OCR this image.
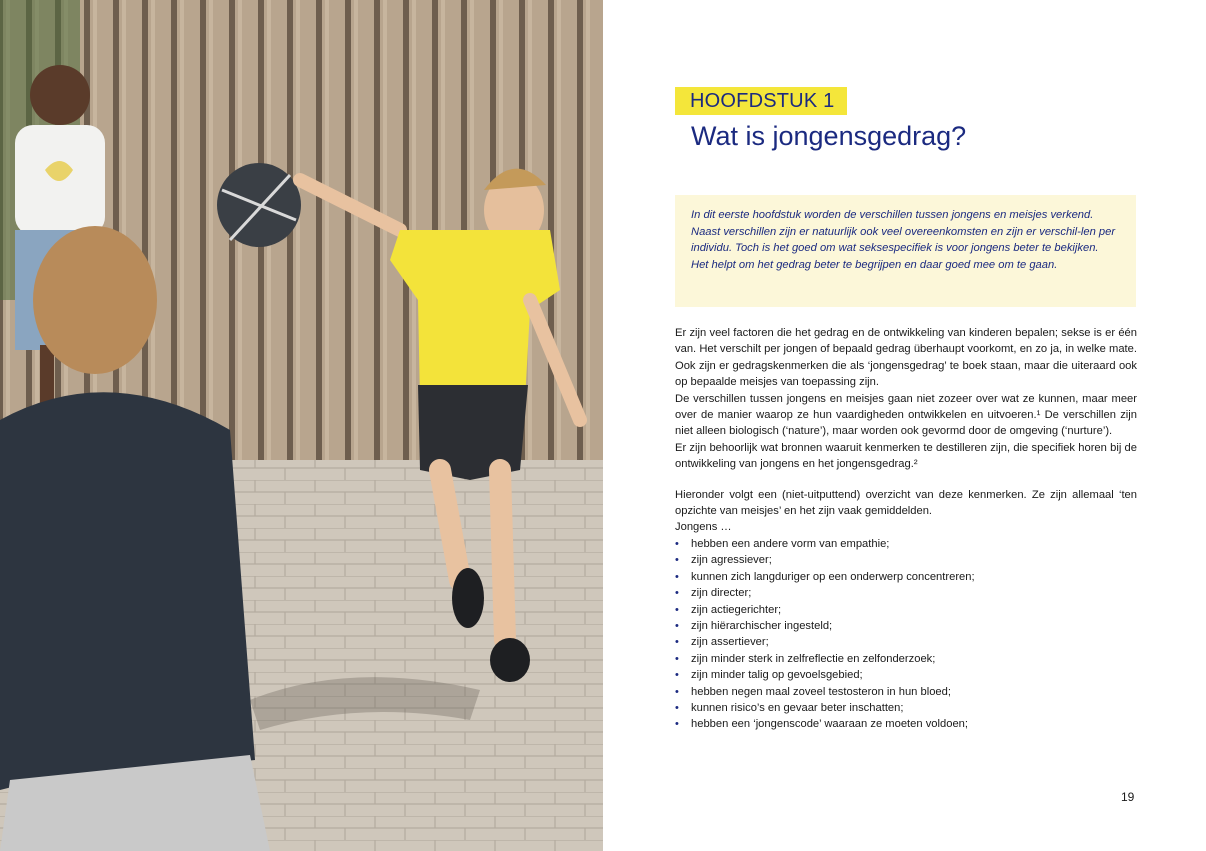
HOOFDSTUK 1
Wat is jongensgedrag?

In dit eerste hoofdstuk worden de verschillen tussen jongens en meisjes verkend. Naast verschillen zijn er natuurlijk ook veel overeenkomsten en zijn er verschil-len per individu. Toch is het goed om wat seksespecifiek is voor jongens beter te bekijken. Het helpt om het gedrag beter te begrijpen en daar goed mee om te gaan.

Er zijn veel factoren die het gedrag en de ontwikkeling van kinderen bepalen; sekse is er één van. Het verschilt per jongen of bepaald gedrag überhaupt voorkomt, en zo ja, in welke mate. Ook zijn er gedragskenmerken die als ‘jongensgedrag’ te boek staan, maar die uiteraard ook op bepaalde meisjes van toepassing zijn.

De verschillen tussen jongens en meisjes gaan niet zozeer over wat ze kunnen, maar meer over de manier waarop ze hun vaardigheden ontwikkelen en uitvoeren.¹ De verschillen zijn niet alleen biologisch (‘nature’), maar worden ook gevormd door de omgeving (‘nurture’).

Er zijn behoorlijk wat bronnen waaruit kenmerken te destilleren zijn, die specifiek horen bij de ontwikkeling van jongens en het jongensgedrag.²

Hieronder volgt een (niet-uitputtend) overzicht van deze kenmerken. Ze zijn allemaal ‘ten opzichte van meisjes’ en het zijn vaak gemiddelden.

Jongens …

• hebben een andere vorm van empathie;
• zijn agressiever;
• kunnen zich langduriger op een onderwerp concentreren;
• zijn directer;
• zijn actiegerichter;
• zijn hiërarchischer ingesteld;
• zijn assertiever;
• zijn minder sterk in zelfreflectie en zelfonderzoek;
• zijn minder talig op gevoelsgebied;
• hebben negen maal zoveel testosteron in hun bloed;
• kunnen risico’s en gevaar beter inschatten;
• hebben een ‘jongenscode’ waaraan ze moeten voldoen;
19
